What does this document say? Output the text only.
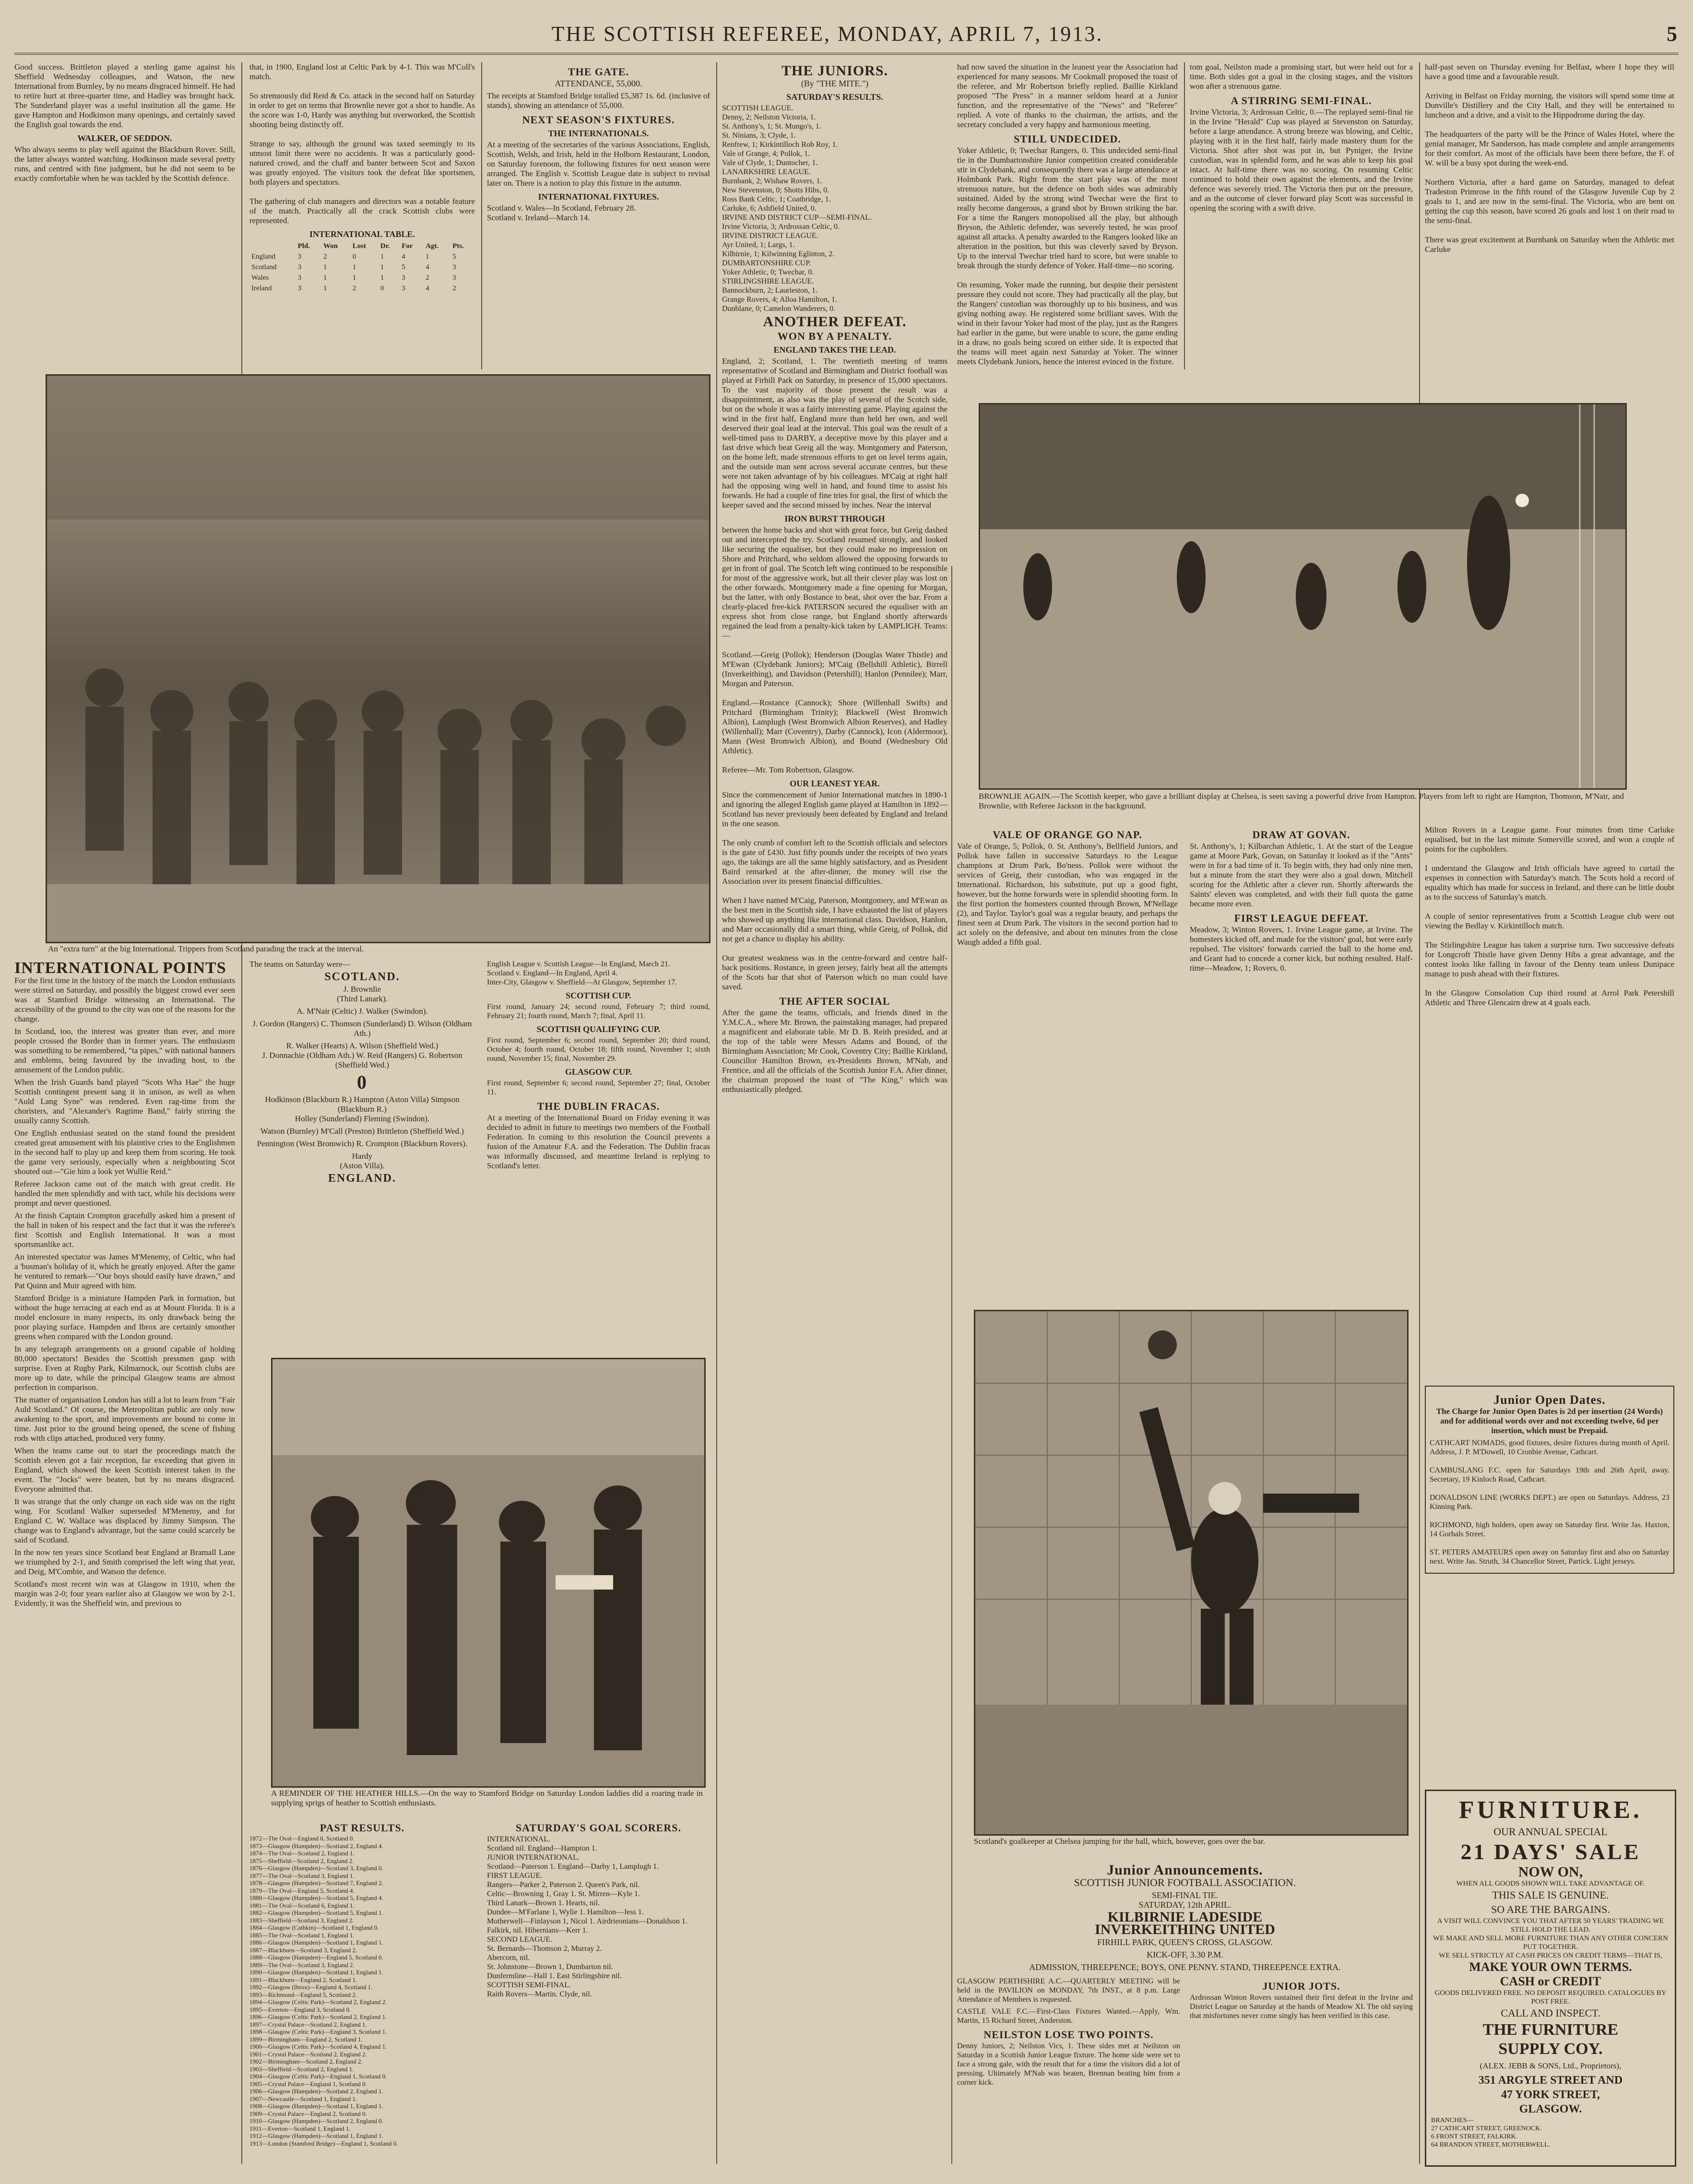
THE SCOTTISH REFEREE, MONDAY, APRIL 7, 1913.	5

Good success. Brittleton played a sterling game against his Sheffield Wednesday colleagues, and Watson, the new International from Burnley, by no means disgraced himself. He had to retire hurt at three-quarter time, and Hadley was brought back. The Sunderland player was a useful institution all the game. He gave Hampton and Hodkinson many openings, and certainly saved the English goal towards the end.

WALKER, OF SEDDON.

Who always seems to play well against the Blackburn Rover. Still, the latter always wanted watching. Hodkinson made several pretty runs, and centred with fine judgment, but he did not seem to be exactly comfortable when he was tackled by the Scottish defence.

that, in 1900, England lost at Celtic Park by 4-1. This was M'Coll's match.

So strenuously did Reid & Co. attack in the second half on Saturday in order to get on terms that Brownlie never got a shot to handle. As the score was 1-0, Hardy was anything but overworked, the Scottish shooting being distinctly off.

Strange to say, although the ground was taxed seemingly to its utmost limit there were no accidents. It was a particularly good-natured crowd, and the chaff and banter between Scot and Saxon was greatly enjoyed. The visitors took the defeat like sportsmen, both players and spectators.

The gathering of club managers and directors was a notable feature of the match. Practically all the crack Scottish clubs were represented.

INTERNATIONAL TABLE.
	Pld.	Won	Lost	Dr.	For	Agt.	Pts.
England	3	2	0	1	4	1	5
Scotland	3	1	1	1	5	4	3
Wales	3	1	1	1	3	2	3
Ireland	3	1	2	0	3	4	2
THE GATE.
ATTENDANCE, 55,000.

The receipts at Stamford Bridge totalled £5,387 1s. 6d. (inclusive of stands), showing an attendance of 55,000.

NEXT SEASON'S FIXTURES.
THE INTERNATIONALS.

At a meeting of the secretaries of the various Associations, English, Scottish, Welsh, and Irish, held in the Holborn Restaurant, London, on Saturday forenoon, the following fixtures for next season were arranged. The English v. Scottish League date is subject to revisal later on. There is a notion to play this fixture in the autumn.

INTERNATIONAL FIXTURES.

Scotland v. Wales—In Scotland, February 28.
Scotland v. Ireland—March 14.

An "extra turn" at the big International. Trippers from Scotland parading the track at the interval.
THE JUNIORS.
(By "THE MITE.")
SATURDAY'S RESULTS.

SCOTTISH LEAGUE.
Denny, 2; Neilston Victoria, 1.
St. Anthony's, 1; St. Mungo's, 1.
St. Ninians, 3; Clyde, 1.
Renfrew, 1; Kirkintilloch Rob Roy, 1.
Vale of Grange, 4; Pollok, 1.
Vale of Clyde, 1; Duntocher, 1.
LANARKSHIRE LEAGUE.
Burnbank, 2; Wishaw Rovers, 1.
New Stevenston, 0; Shotts Hibs, 0.
Ross Bank Celtic, 1; Coatbridge, 1.
Carluke, 6; Ashfield United, 0.
IRVINE AND DISTRICT CUP—SEMI-FINAL.
Irvine Victoria, 3; Ardrossan Celtic, 0.
IRVINE DISTRICT LEAGUE.
Ayr United, 1; Largs, 1.
Kilbirnie, 1; Kilwinning Eglinton, 2.
DUMBARTONSHIRE CUP.
Yoker Athletic, 0; Twechar, 0.
STIRLINGSHIRE LEAGUE.
Bannockburn, 2; Laurieston, 1.
Grange Rovers, 4; Alloa Hamilton, 1.
Dunblane, 0; Camelon Wanderers, 0.

ANOTHER DEFEAT.
WON BY A PENALTY.
ENGLAND TAKES THE LEAD.

England, 2; Scotland, 1. The twentieth meeting of teams representative of Scotland and Birmingham and District football was played at Firhill Park on Saturday, in presence of 15,000 spectators. To the vast majority of those present the result was a disappointment, as also was the play of several of the Scotch side, but on the whole it was a fairly interesting game. Playing against the wind in the first half, England more than held her own, and well deserved their goal lead at the interval. This goal was the result of a well-timed pass to DARBY, a deceptive move by this player and a fast drive which beat Greig all the way. Montgomery and Paterson, on the home left, made strenuous efforts to get on level terms again, and the outside man sent across several accurate centres, but these were not taken advantage of by his colleagues. M'Caig at right half had the opposing wing well in hand, and found time to assist his forwards. He had a couple of fine tries for goal, the first of which the keeper saved and the second missed by inches. Near the interval

IRON BURST THROUGH

between the home backs and shot with great force, but Greig dashed out and intercepted the try. Scotland resumed strongly, and looked like securing the equaliser, but they could make no impression on Shore and Pritchard, who seldom allowed the opposing forwards to get in front of goal. The Scotch left wing continued to be responsible for most of the aggressive work, but all their clever play was lost on the other forwards. Montgomery made a fine opening for Morgan, but the latter, with only Bostance to beat, shot over the bar. From a clearly-placed free-kick PATERSON secured the equaliser with an express shot from close range, but England shortly afterwards regained the lead from a penalty-kick taken by LAMPLIGH. Teams:—

Scotland.—Greig (Pollok); Henderson (Douglas Water Thistle) and M'Ewan (Clydebank Juniors); M'Caig (Bellshill Athletic), Birrell (Inverkeithing), and Davidson (Petershill); Hanlon (Pennilee); Marr, Morgan and Paterson.

England.—Rostance (Cannock); Shore (Willenhall Swifts) and Pritchard (Birmingham Trinity); Blackwell (West Bromwich Albion), Lamplugh (West Bromwich Albion Reserves), and Hadley (Willenhall); Marr (Coventry), Darby (Cannock), Icon (Aldermoor), Mann (West Bromwich Albion), and Bound (Wednesbury Old Athletic).

Referee—Mr. Tom Robertson, Glasgow.

OUR LEANEST YEAR.

Since the commencement of Junior International matches in 1890-1 and ignoring the alleged English game played at Hamilton in 1892—Scotland has never previously been defeated by England and Ireland in the one season.

The only crumb of comfort left to the Scottish officials and selectors is the gate of £430. Just fifty pounds under the receipts of two years ago, the takings are all the same highly satisfactory, and as President Baird remarked at the after-dinner, the money will rise the Association over its present financial difficulties.

When I have named M'Caig, Paterson, Montgomery, and M'Ewan as the best men in the Scottish side, I have exhausted the list of players who showed up anything like international class. Davidson, Hanlon, and Marr occasionally did a smart thing, while Greig, of Pollok, did not get a chance to display his ability.

Our greatest weakness was in the centre-forward and centre half-back positions. Rostance, in green jersey, fairly beat all the attempts of the Scots bar that shot of Paterson which no man could have saved.

THE AFTER SOCIAL

After the game the teams, officials, and friends dined in the Y.M.C.A., where Mr. Brown, the painstaking manager, had prepared a magnificent and elaborate table. Mr D. B. Reith presided, and at the top of the table were Messrs Adams and Bound, of the Birmingham Association; Mr Cook, Coventry City; Baillie Kirkland, Councillor Hamilton Brown, ex-Presidents Brown, M'Nab, and Frentice, and all the officials of the Scottish Junior F.A. After dinner, the chairman proposed the toast of "The King," which was enthusiastically pledged.

had now saved the situation in the leanest year the Association had experienced for many seasons. Mr Cookmall proposed the toast of the referee, and Mr Robertson briefly replied. Baillie Kirkland proposed "The Press" in a manner seldom heard at a Junior function, and the representative of the "News" and "Referee" replied. A vote of thanks to the chairman, the artists, and the secretary concluded a very happy and harmonious meeting.

STILL UNDECIDED.

Yoker Athletic, 0; Twechar Rangers, 0. This undecided semi-final tie in the Dumbartonshire Junior competition created considerable stir in Clydebank, and consequently there was a large attendance at Holmbank Park. Right from the start play was of the most strenuous nature, but the defence on both sides was admirably sustained. Aided by the strong wind Twechar were the first to really become dangerous, a grand shot by Brown striking the bar. For a time the Rangers monopolised all the play, but although Bryson, the Athletic defender, was severely tested, he was proof against all attacks. A penalty awarded to the Rangers looked like an alteration in the position, but this was cleverly saved by Bryson. Up to the interval Twechar tried hard to score, but were unable to break through the sturdy defence of Yoker. Half-time—no scoring.

On resuming, Yoker made the running, but despite their persistent pressure they could not score. They had practically all the play, but the Rangers' custodian was thoroughly up to his business, and was giving nothing away. He registered some brilliant saves. With the wind in their favour Yoker had most of the play, just as the Rangers had earlier in the game, but were unable to score, the game ending in a draw, no goals being scored on either side. It is expected that the teams will meet again next Saturday at Yoker. The winner meets Clydebank Juniors, hence the interest evinced in the fixture.

tom goal, Neilston made a promising start, but were held out for a time. Both sides got a goal in the closing stages, and the visitors won after a strenuous game.

A STIRRING SEMI-FINAL.

Irvine Victoria, 3; Ardrossan Celtic, 0.—The replayed semi-final tie in the Irvine "Herald" Cup was played at Stevenston on Saturday, before a large attendance. A strong breeze was blowing, and Celtic, playing with it in the first half, fairly made mastery thum for the Victoria. Shot after shot was put in, but Pyniger, the Irvine custodian, was in splendid form, and he was able to keep his goal intact. At half-time there was no scoring. On resuming Celtic continued to hold their own against the elements, and the Irvine defence was severely tried. The Victoria then put on the pressure, and as the outcome of clever forward play Scott was successful in opening the scoring with a swift drive.

half-past seven on Thursday evening for Belfast, where I hope they will have a good time and a favourable result.

Arriving in Belfast on Friday morning, the visitors will spend some time at Dunville's Distillery and the City Hall, and they will be entertained to luncheon and a drive, and a visit to the Hippodrome during the day.

The headquarters of the party will be the Prince of Wales Hotel, where the genial manager, Mr Sanderson, has made complete and ample arrangements for their comfort. As most of the officials have been there before, the F. of W. will be a busy spot during the week-end.

Northern Victoria, after a hard game on Saturday, managed to defeat Tradeston Primrose in the fifth round of the Glasgow Juvenile Cup by 2 goals to 1, and are now in the semi-final. The Victoria, who are bent on getting the cup this season, have scored 26 goals and lost 1 on their road to the semi-final.

There was great excitement at Burnbank on Saturday when the Athletic met Carluke

BROWNLIE AGAIN.—The Scottish keeper, who gave a brilliant display at Chelsea, is seen saving a powerful drive from Hampton. Players from left to right are Hampton, Thomson, M'Nair, and Brownlie, with Referee Jackson in the background.
INTERNATIONAL POINTS

For the first time in the history of the match the London enthusiasts were stirred on Saturday, and possibly the biggest crowd ever seen was at Stamford Bridge witnessing an International. The accessibility of the ground to the city was one of the reasons for the change.

In Scotland, too, the interest was greater than ever, and more people crossed the Border than in former years. The enthusiasm was something to be remembered, "ta pipes," with national banners and emblems, being favoured by the invading host, to the amusement of the London public.

When the Irish Guards band played "Scots Wha Hae" the huge Scottish contingent present sang it in unison, as well as when "Auld Lang Syne" was rendered. Even rag-time from the choristers, and "Alexander's Ragtime Band," fairly stirring the usually canny Scottish.

One English enthusiast seated on the stand found the president created great amusement with his plaintive cries to the Englishmen in the second half to play up and keep them from scoring. He took the game very seriously, especially when a neighbouring Scot shouted out—"Gie him a look yet Wullie Reid."

Referee Jackson came out of the match with great credit. He handled the men splendidly and with tact, while his decisions were prompt and never questioned.

At the finish Captain Crompton gracefully asked him a present of the ball in token of his respect and the fact that it was the referee's first Scottish and English International. It was a most sportsmanlike act.

An interested spectator was James M'Menemy, of Celtic, who had a 'busman's holiday of it, which he greatly enjoyed. After the game he ventured to remark—"Our boys should easily have drawn," and Pat Quinn and Muir agreed with him.

Stamford Bridge is a miniature Hampden Park in formation, but without the huge terracing at each end as at Mount Florida. It is a model enclosure in many respects, its only drawback being the poor playing surface. Hampden and Ibrox are certainly smoother greens when compared with the London ground.

In any telegraph arrangements on a ground capable of holding 80,000 spectators! Besides the Scottish pressmen gasp with surprise. Even at Rugby Park, Kilmarnock, our Scottish clubs are more up to date, while the principal Glasgow teams are almost perfection in comparison.

The matter of organisation London has still a lot to learn from "Fair Auld Scotland." Of course, the Metropolitan public are only now awakening to the sport, and improvements are bound to come in time. Just prior to the ground being opened, the scene of fishing rods with clips attached, produced very funny.

When the teams came out to start the proceedings match the Scottish eleven got a fair reception, far exceeding that given in England, which showed the keen Scottish interest taken in the event. The "Jocks" were beaten, but by no means disgraced. Everyone admitted that.

It was strange that the only change on each side was on the right wing. For Scotland Walker superseded M'Menemy, and for England C. W. Wallace was displaced by Jimmy Simpson. The change was to England's advantage, but the same could scarcely be said of Scotland.

In the now ten years since Scotland beat England at Bramall Lane we triumphed by 2-1, and Smith comprised the left wing that year, and Deig, M'Combie, and Watson the defence.

Scotland's most recent win was at Glasgow in 1910, when the margin was 2-0; four years earlier also at Glasgow we won by 2-1. Evidently, it was the Sheffield win, and previous to

The teams on Saturday were—

SCOTLAND.
J. Brownlie
(Third Lanark).
A. M'Nair (Celtic) J. Walker (Swindon).
J. Gordon (Rangers) C. Thomson (Sunderland) D. Wilson (Oldham Ath.)
R. Walker (Hearts) A. Wilson (Sheffield Wed.)
J. Donnachie (Oldham Ath.) W. Reid (Rangers) G. Robertson (Sheffield Wed.)
0
Hodkinson (Blackburn R.) Hampton (Aston Villa) Simpson (Blackburn R.)
Holley (Sunderland) Fleming (Swindon).
Watson (Burnley) M'Call (Preston) Brittleton (Sheffield Wed.)
Pennington (West Bromwich) R. Crompton (Blackburn Rovers).
Hardy
(Aston Villa).
ENGLAND.

English League v. Scottish League—In England, March 21.
Scotland v. England—In England, April 4.
Inter-City, Glasgow v. Sheffield—At Glasgow, September 17.

SCOTTISH CUP.

First round, January 24; second round, February 7; third round, February 21; fourth round, March 7; final, April 11.

SCOTTISH QUALIFYING CUP.

First round, September 6; second round, September 20; third round, October 4; fourth round, October 18; fifth round, November 1; sixth round, November 15; final, November 29.

GLASGOW CUP.

First round, September 6; second round, September 27; final, October 11.

THE DUBLIN FRACAS.

At a meeting of the International Board on Friday evening it was decided to admit in future to meetings two members of the Football Federation. In coming to this resolution the Council prevents a fusion of the Amateur F.A. and the Federation. The Dublin fracas was informally discussed, and meantime Ireland is replying to Scotland's letter.

A REMINDER OF THE HEATHER HILLS.—On the way to Stamford Bridge on Saturday London laddies did a roaring trade in supplying sprigs of heather to Scottish enthusiasts.
PAST RESULTS.

1872—The Oval—England 0, Scotland 0.
1873—Glasgow (Hampden)—Scotland 2, England 4.
1874—The Oval—Scotland 2, England 1.
1875—Sheffield—Scotland 2, England 2.
1876—Glasgow (Hampden)—Scotland 3, England 0.
1877—The Oval—Scotland 3, England 1.
1878—Glasgow (Hampden)—Scotland 7, England 2.
1879—The Oval—England 5, Scotland 4.
1880—Glasgow (Hampden)—Scotland 5, England 4.
1881—The Oval—Scotland 6, England 1.
1882—Glasgow (Hampden)—Scotland 5, England 1.
1883—Sheffield—Scotland 3, England 2.
1884—Glasgow (Cathkin)—Scotland 1, England 0.
1885—The Oval—Scotland 1, England 1.
1886—Glasgow (Hampden)—Scotland 1, England 1.
1887—Blackburn—Scotland 3, England 2.
1888—Glasgow (Hampden)—England 5, Scotland 0.
1889—The Oval—Scotland 3, England 2.
1890—Glasgow (Hampden)—Scotland 1, England 1.
1891—Blackburn—England 2, Scotland 1.
1892—Glasgow (Ibrox)—England 4, Scotland 1.
1893—Richmond—England 5, Scotland 2.
1894—Glasgow (Celtic Park)—Scotland 2, England 2.
1895—Everton—England 3, Scotland 0.
1896—Glasgow (Celtic Park)—Scotland 2, England 1.
1897—Crystal Palace—Scotland 2, England 1.
1898—Glasgow (Celtic Park)—England 3, Scotland 1.
1899—Birmingham—England 2, Scotland 1.
1900—Glasgow (Celtic Park)—Scotland 4, England 1.
1901—Crystal Palace—Scotland 2, England 2.
1902—Birmingham—Scotland 2, England 2.
1903—Sheffield—Scotland 2, England 1.
1904—Glasgow (Celtic Park)—England 1, Scotland 0.
1905—Crystal Palace—England 1, Scotland 0.
1906—Glasgow (Hampden)—Scotland 2, England 1.
1907—Newcastle—Scotland 1, England 1.
1908—Glasgow (Hampden)—Scotland 1, England 1.
1909—Crystal Palace—England 2, Scotland 0.
1910—Glasgow (Hampden)—Scotland 2, England 0.
1911—Everton—Scotland 1, England 1.
1912—Glasgow (Hampden)—Scotland 1, England 1.
1913—London (Stamford Bridge)—England 1, Scotland 0.

SATURDAY'S GOAL SCORERS.

INTERNATIONAL.
Scotland nil. England—Hampton 1.
JUNIOR INTERNATIONAL.
Scotland—Paterson 1. England—Darby 1, Lamplugh 1.
FIRST LEAGUE.
Rangers—Parker 2, Paterson 2. Queen's Park, nil.
Celtic—Browning 1, Gray 1. St. Mirren—Kyle 1.
Third Lanark—Brown 1. Hearts, nil.
Dundee—M'Farlane 1, Wylie 1. Hamilton—Jess 1.
Motherwell—Finlayson 1, Nicol 1. Airdrieonians—Donaldson 1.
Falkirk, nil. Hibernians—Kerr 1.
SECOND LEAGUE.
St. Bernards—Thomson 2, Murray 2.
Abercorn, nil.
St. Johnstone—Brown 1, Dumbarton nil.
Dunfermline—Hall 1. East Stirlingshire nil.
SCOTTISH SEMI-FINAL.
Raith Rovers—Martin. Clyde, nil.

VALE OF ORANGE GO NAP.

Vale of Orange, 5; Pollok, 0. St. Anthony's, Bellfield Juniors, and Pollok have fallen in successive Saturdays to the League champions at Drum Park, Bo'ness. Pollok were without the services of Greig, their custodian, who was engaged in the International. Richardson, his substitute, put up a good fight, however, but the home forwards were in splendid shooting form. In the first portion the homesters counted through Brown, M'Nellage (2), and Taylor. Taylor's goal was a regular beauty, and perhaps the finest seen at Drum Park. The visitors in the second portion had to act solely on the defensive, and about ten minutes from the close Waugh added a fifth goal.

DRAW AT GOVAN.

St. Anthony's, 1; Kilbarchan Athletic, 1. At the start of the League game at Moore Park, Govan, on Saturday it looked as if the "Ants" were in for a bad time of it. To begin with, they had only nine men, but a minute from the start they were also a goal down, Mitchell scoring for the Athletic after a clever run. Shortly afterwards the Saints' eleven was completed, and with their full quota the game became more even.

FIRST LEAGUE DEFEAT.

Meadow, 3; Winton Rovers, 1. Irvine League game, at Irvine. The homesters kicked off, and made for the visitors' goal, but were early repulsed. The visitors' forwards carried the ball to the home end, and Grant had to concede a corner kick, but nothing resulted. Half-time—Meadow, 1; Rovers, 0.

Milton Rovers in a League game. Four minutes from time Carluke equalised, but in the last minute Somerville scored, and won a couple of points for the cupholders.

I understand the Glasgow and Irish officials have agreed to curtail the expenses in connection with Saturday's match. The Scots hold a record of equality which has made for success in Ireland, and there can be little doubt as to the success of Saturday's match.

A couple of senior representatives from a Scottish League club were out viewing the Bedlay v. Kirkintilloch match.

The Stirlingshire League has taken a surprise turn. Two successive defeats for Longcroft Thistle have given Denny Hibs a great advantage, and the contest looks like falling in favour of the Denny team unless Dunipace manage to push ahead with their fixtures.

In the Glasgow Consolation Cup third round at Arrol Park Petershill Athletic and Three Glencairn drew at 4 goals each.

Scotland's goalkeeper at Chelsea jumping for the ball, which, however, goes over the bar.
Junior Announcements.
SCOTTISH JUNIOR FOOTBALL ASSOCIATION.
SEMI-FINAL TIE.
SATURDAY, 12th APRIL.
KILBIRNIE LADESIDE
INVERKEITHING UNITED
FIRHILL PARK, QUEEN'S CROSS, GLASGOW.
KICK-OFF, 3.30 P.M.
ADMISSION, THREEPENCE; BOYS, ONE PENNY. STAND, THREEPENCE EXTRA.

GLASGOW PERTHSHIRE A.C.—QUARTERLY MEETING will be held in the PAVILION on MONDAY, 7th INST., at 8 p.m. Large Attendance of Members is requested.

CASTLE VALE F.C.—First-Class Fixtures Wanted.—Apply, Wm. Martin, 15 Richard Street, Anderston.

NEILSTON LOSE TWO POINTS.

Denny Juniors, 2; Neilston Vics, 1. These sides met at Neilston on Saturday in a Scottish Junior League fixture. The home side were set to face a strong gale, with the result that for a time the visitors did a lot of pressing. Ultimately M'Nab was beaten, Brennan beating him from a corner kick.

JUNIOR JOTS.

Ardrossan Winton Rovers sustained their first defeat in the Irvine and District League on Saturday at the hands of Meadow XI. The old saying that misfortunes never come singly has been verified in this case.

Junior Open Dates.

The Charge for Junior Open Dates is 2d per insertion (24 Words) and for additional words over and not exceeding twelve, 6d per insertion, which must be Prepaid.

CATHCART NOMADS, good fixtures, desire fixtures during month of April. Address, J. P. M'Dowell, 10 Cronbie Avenue, Cathcart.

CAMBUSLANG F.C. open for Saturdays 19th and 26th April, away. Secretary, 19 Kinloch Road, Cathcart.

DONALDSON LINE (WORKS DEPT.) are open on Saturdays. Address, 23 Kinning Park.

RICHMOND, high holders, open away on Saturday first. Write Jas. Haxton, 14 Gorbals Street.

ST. PETERS AMATEURS open away on Saturday first and also on Saturday next. Write Jas. Struth, 34 Chancellor Street, Partick. Light jerseys.

FURNITURE.
OUR ANNUAL SPECIAL
21 DAYS' SALE
NOW ON,
WHEN ALL GOODS SHOWN WILL TAKE ADVANTAGE OF.
THIS SALE IS GENUINE.
SO ARE THE BARGAINS.
A VISIT WILL CONVINCE YOU THAT AFTER 50 YEARS' TRADING WE STILL HOLD THE LEAD.
WE MAKE AND SELL MORE FURNITURE THAN ANY OTHER CONCERN PUT TOGETHER.
WE SELL STRICTLY AT CASH PRICES ON CREDIT TERMS—THAT IS,
MAKE YOUR OWN TERMS.
CASH or CREDIT
GOODS DELIVERED FREE. NO DEPOSIT REQUIRED. CATALOGUES BY POST FREE.
CALL AND INSPECT.
THE FURNITURE
SUPPLY COY.
(ALEX. JEBB & SONS, Ltd., Proprietors),
351 ARGYLE STREET AND
47 YORK STREET,
GLASGOW.
BRANCHES—
27 CATHCART STREET, GREENOCK.
6 FRONT STREET, FALKIRK.
64 BRANDON STREET, MOTHERWELL.
